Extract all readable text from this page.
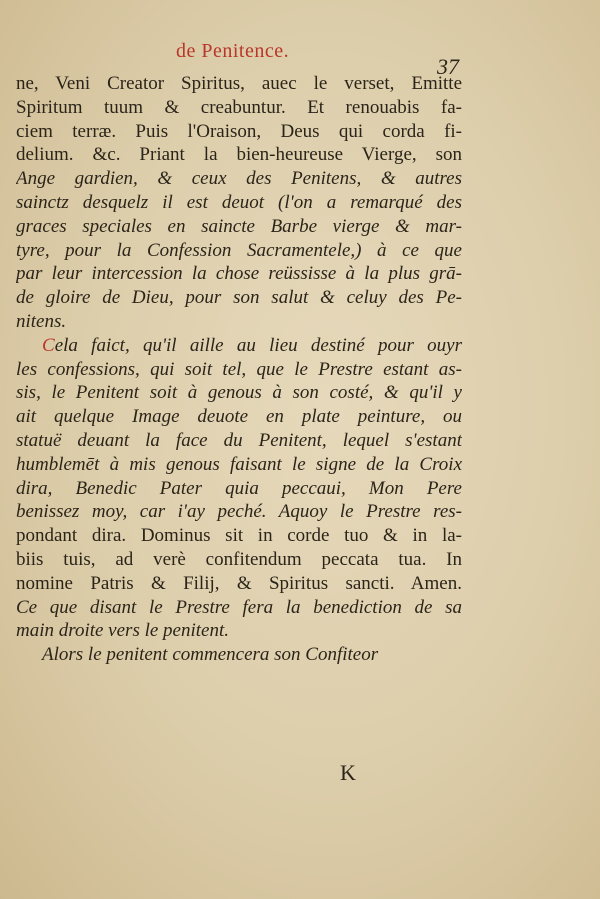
de Penitence.
37
ne, Veni Creator Spiritus, auec le verset, Emitte
Spiritum tuum & creabuntur. Et renouabis fa-
ciem terræ. Puis l'Oraison, Deus qui corda fi-
delium. &c. Priant la bien-heureuse Vierge, son
Ange gardien, & ceux des Penitens, & autres
sainctz desquelz il est deuot (l'on a remarqué des
graces speciales en saincte Barbe vierge & mar-
tyre, pour la Confession Sacramentele,) à ce que
par leur intercession la chose reüssisse à la plus grā-
de gloire de Dieu, pour son salut & celuy des Pe-
nitens.
Cela faict, qu'il aille au lieu destiné pour ouyr
les confessions, qui soit tel, que le Prestre estant as-
sis, le Penitent soit à genous à son costé, & qu'il y
ait quelque Image deuote en plate peinture, ou
statuë deuant la face du Penitent, lequel s'estant
humblemēt à mis genous faisant le signe de la Croix
dira, Benedic Pater quia peccaui, Mon Pere
benissez moy, car i'ay peché. Aquoy le Prestre res-
pondant dira. Dominus sit in corde tuo & in la-
biis tuis, ad verè confitendum peccata tua. In
nomine Patris & Filij, & Spiritus sancti. Amen.
Ce que disant le Prestre fera la benediction de sa
main droite vers le penitent.
Alors le penitent commencera son Confiteor
K
